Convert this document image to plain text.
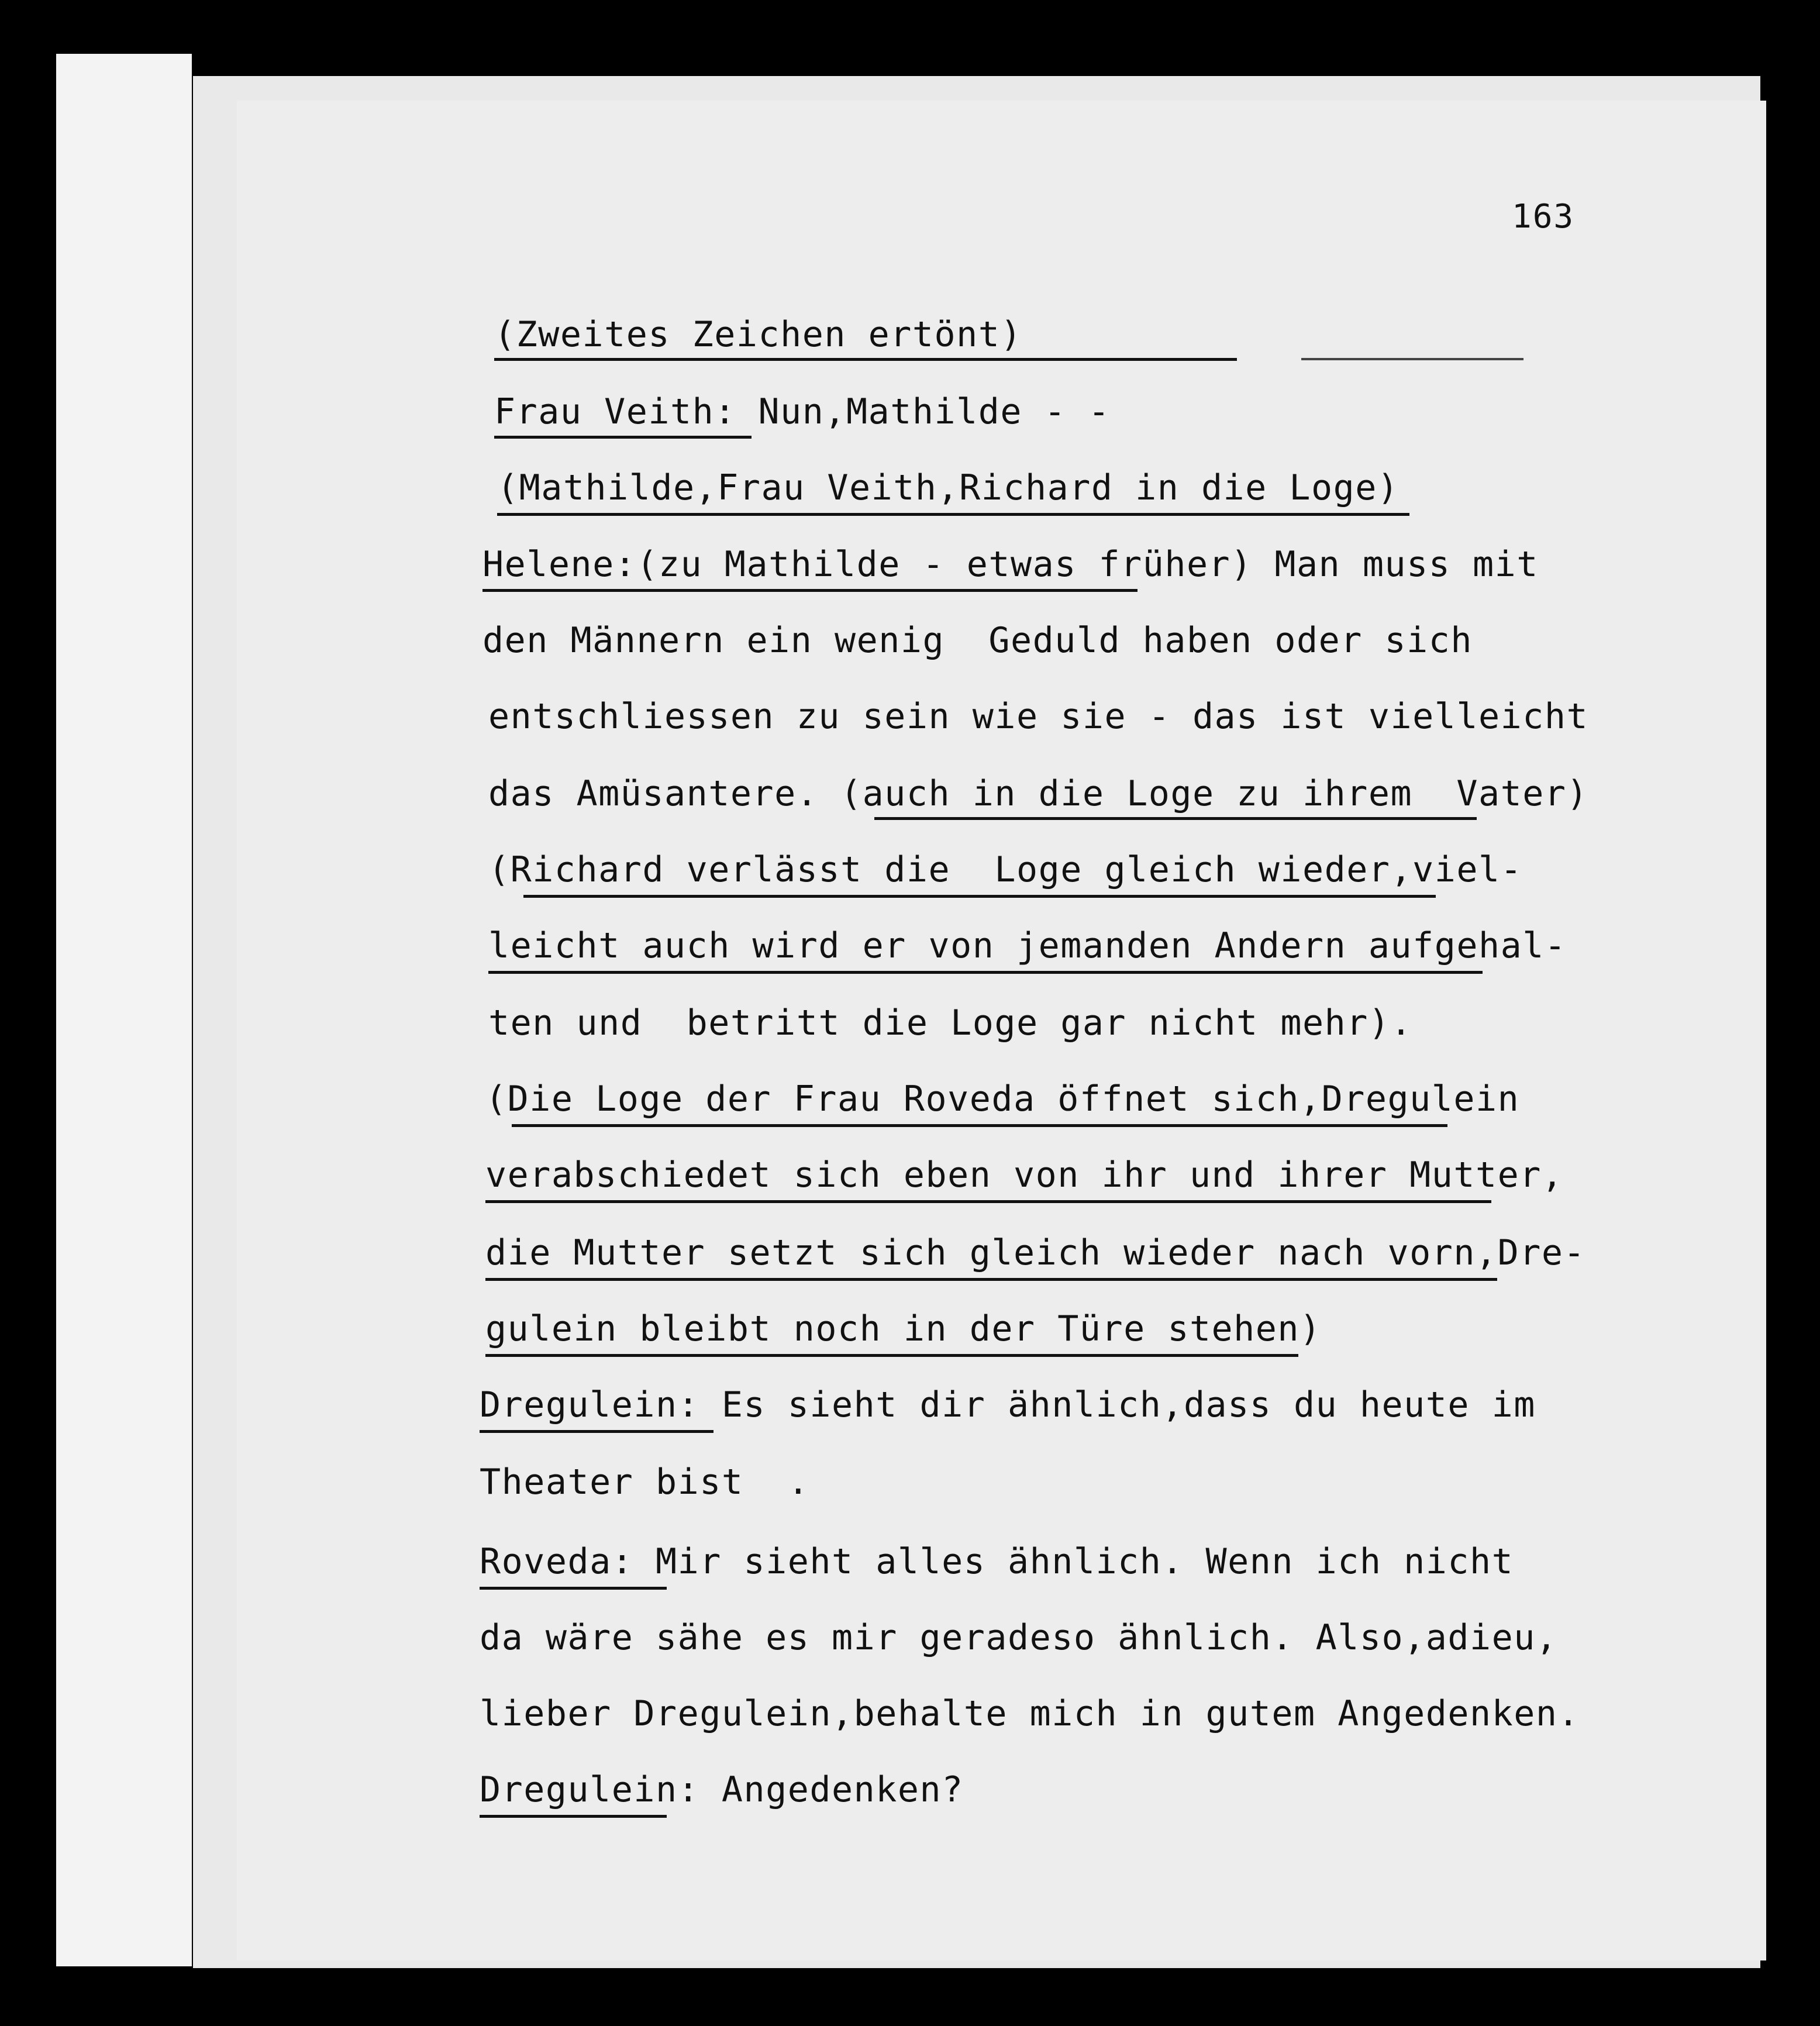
163

(Zweites Zeichen ertönt)

Frau Veith: Nun,Mathilde - -

(Mathilde,Frau Veith,Richard in die Loge)

Helene:(zu Mathilde - etwas früher) Man muss mit

den Männern ein wenig  Geduld haben oder sich

entschliessen zu sein wie sie - das ist vielleicht

das Amüsantere. (auch in die Loge zu ihrem  Vater)

(Richard verlässt die  Loge gleich wieder,viel-

leicht auch wird er von jemanden Andern aufgehal-

ten und  betritt die Loge gar nicht mehr).

(Die Loge der Frau Roveda öffnet sich,Dregulein

verabschiedet sich eben von ihr und ihrer Mutter,

die Mutter setzt sich gleich wieder nach vorn,Dre-

gulein bleibt noch in der Türe stehen)

Dregulein: Es sieht dir ähnlich,dass du heute im

Theater bist  .

Roveda: Mir sieht alles ähnlich. Wenn ich nicht

da wäre sähe es mir geradeso ähnlich. Also,adieu,

lieber Dregulein,behalte mich in gutem Angedenken.

Dregulein: Angedenken?
